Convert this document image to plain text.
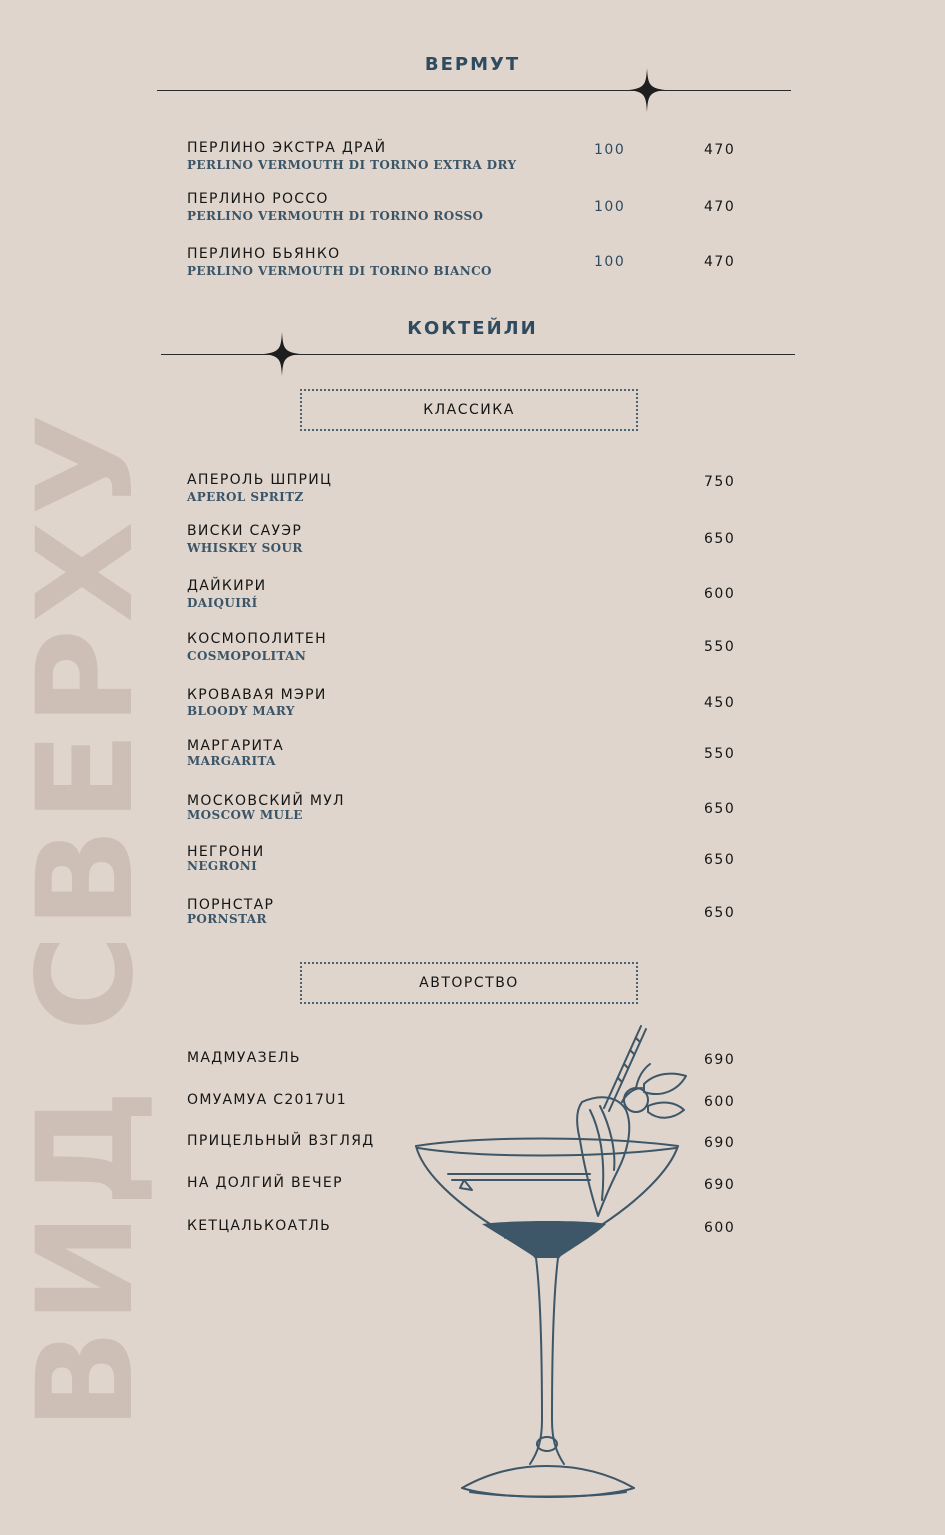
ВИД СВЕРХУ
ВЕРМУТ
ПЕРЛИНО ЭКСТРА ДРАЙ
PERLINO VERMOUTH DI TORINO EXTRA DRY
100	470
ПЕРЛИНО РОССО
PERLINO VERMOUTH DI TORINO ROSSO
100	470
ПЕРЛИНО БЬЯНКО
PERLINO VERMOUTH DI TORINO BIANCO
100	470
КОКТЕЙЛИ
КЛАССИКА
АПЕРОЛЬ ШПРИЦ
APEROL SPRITZ
750
ВИСКИ САУЭР
WHISKEY SOUR
650
ДАЙКИРИ
DAIQUIRÍ
600
КОСМОПОЛИТЕН
COSMOPOLITAN
550
КРОВАВАЯ МЭРИ
BLOODY MARY	450
МАРГАРИТА
MARGARITA	550
МОСКОВСКИЙ МУЛ
MOSCOW MULE	650
НЕГРОНИ
NEGRONI	650
ПОРНСТАР
PORNSTAR	650
АВТОРСТВО
МАДМУАЗЕЛЬ	690
ОМУАМУА С2017U1	600
ПРИЦЕЛЬНЫЙ ВЗГЛЯД	690
НА ДОЛГИЙ ВЕЧЕР	690
КЕТЦАЛЬКОАТЛЬ	600
